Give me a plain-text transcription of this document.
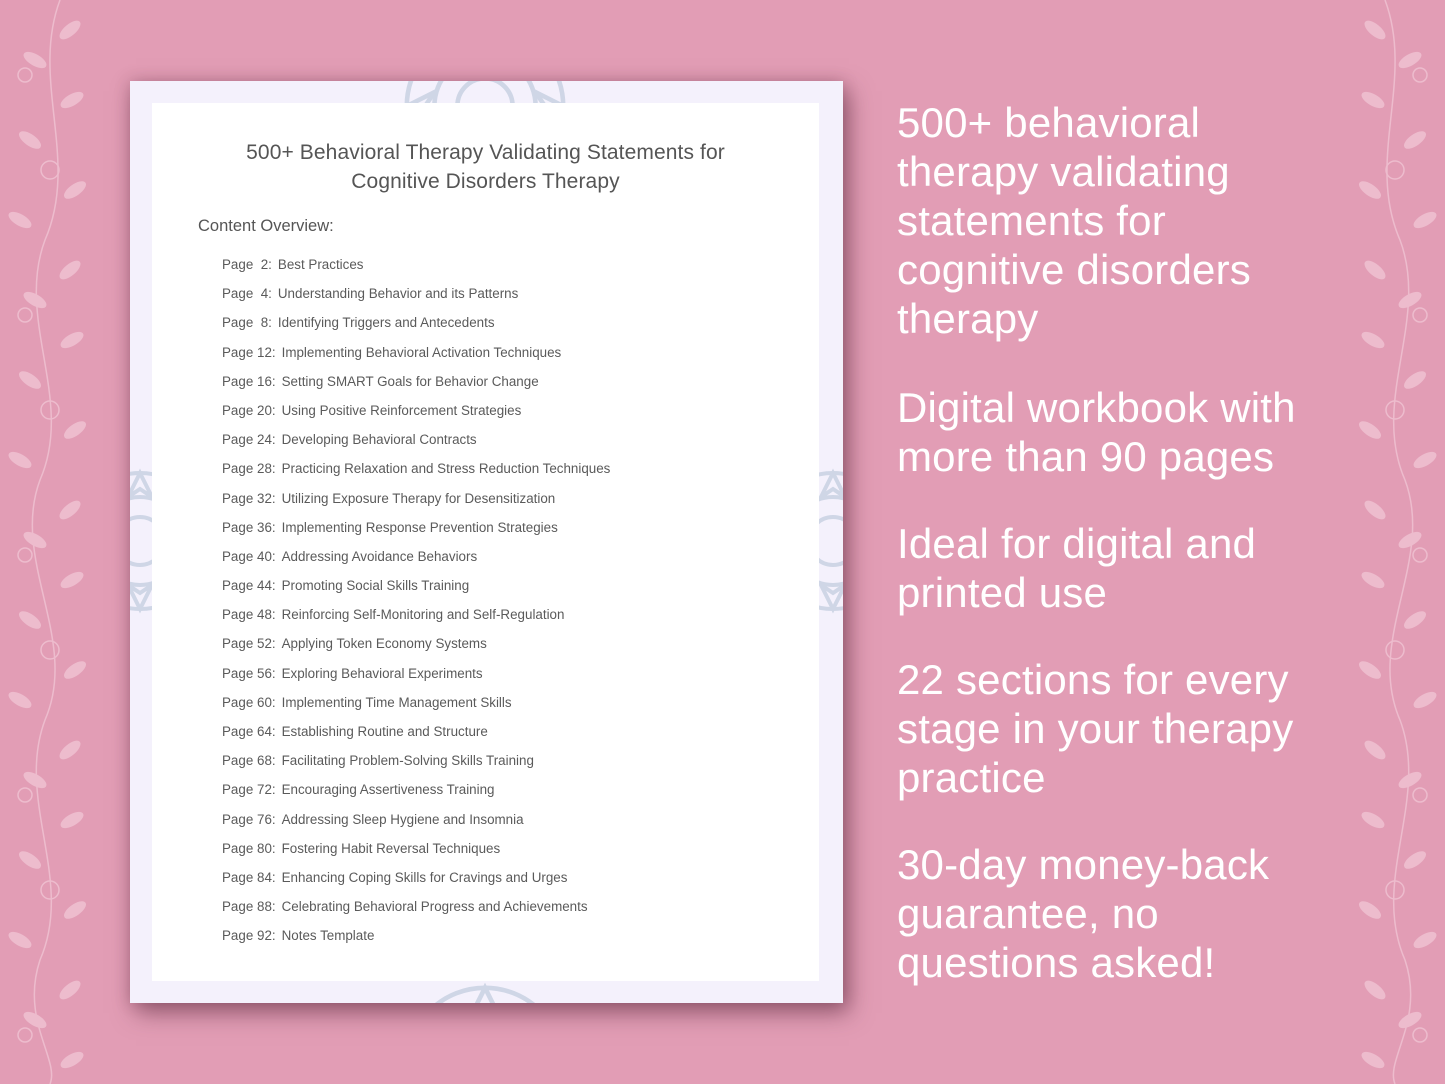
500+ Behavioral Therapy Validating Statements for
Cognitive Disorders Therapy
Content Overview:
Page  2: Best Practices
Page  4: Understanding Behavior and its Patterns
Page  8: Identifying Triggers and Antecedents
Page 12: Implementing Behavioral Activation Techniques
Page 16: Setting SMART Goals for Behavior Change
Page 20: Using Positive Reinforcement Strategies
Page 24: Developing Behavioral Contracts
Page 28: Practicing Relaxation and Stress Reduction Techniques
Page 32: Utilizing Exposure Therapy for Desensitization
Page 36: Implementing Response Prevention Strategies
Page 40: Addressing Avoidance Behaviors
Page 44: Promoting Social Skills Training
Page 48: Reinforcing Self-Monitoring and Self-Regulation
Page 52: Applying Token Economy Systems
Page 56: Exploring Behavioral Experiments
Page 60: Implementing Time Management Skills
Page 64: Establishing Routine and Structure
Page 68: Facilitating Problem-Solving Skills Training
Page 72: Encouraging Assertiveness Training
Page 76: Addressing Sleep Hygiene and Insomnia
Page 80: Fostering Habit Reversal Techniques
Page 84: Enhancing Coping Skills for Cravings and Urges
Page 88: Celebrating Behavioral Progress and Achievements
Page 92: Notes Template

500+ behavioral therapy validating statements for cognitive disorders therapy

Digital workbook with more than 90 pages

Ideal for digital and printed use

22 sections for every stage in your therapy practice

30-day money-back guarantee, no questions asked!
